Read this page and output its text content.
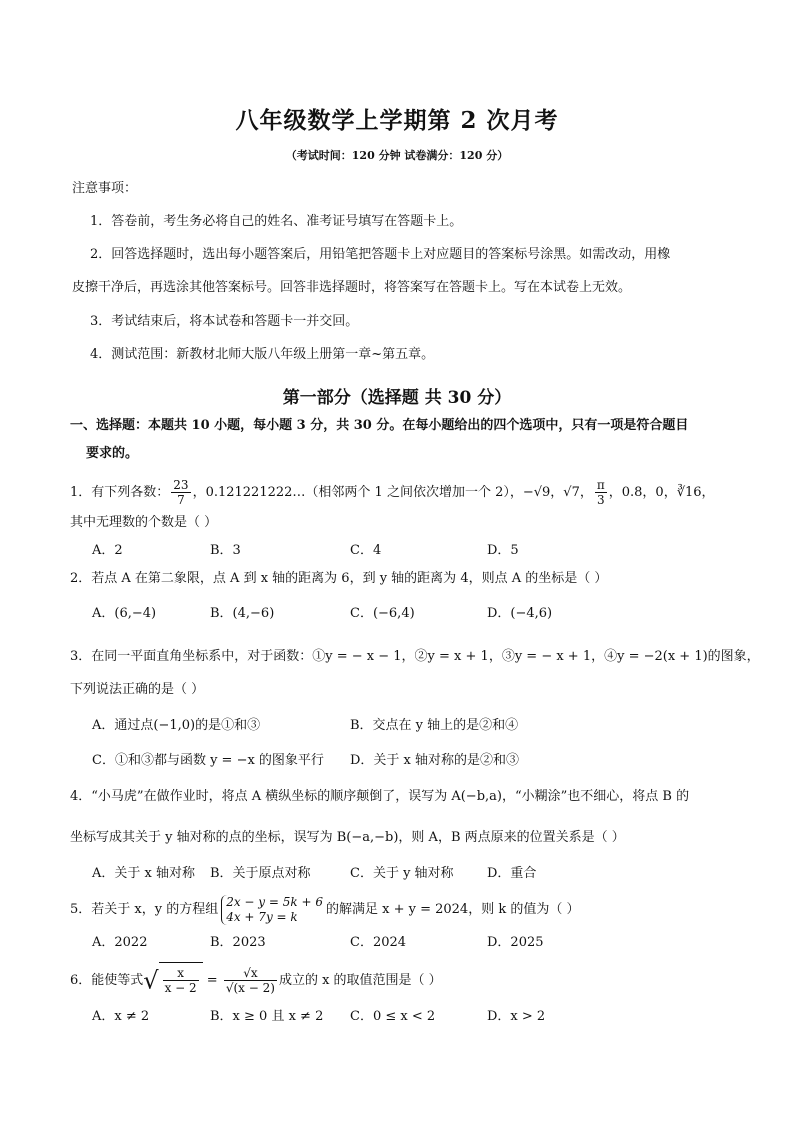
八年级数学上学期第 2 次月考
（考试时间：120 分钟 试卷满分：120 分）
注意事项：
1．答卷前，考生务必将自己的姓名、准考证号填写在答题卡上。
2．回答选择题时，选出每小题答案后，用铅笔把答题卡上对应题目的答案标号涂黑。如需改动，用橡
皮擦干净后，再选涂其他答案标号。回答非选择题时，将答案写在答题卡上。写在本试卷上无效。
3．考试结束后，将本试卷和答题卡一并交回。
4．测试范围：新教材北师大版八年级上册第一章~第五章。
第一部分（选择题 共 30 分）
一、选择题：本题共 10 小题，每小题 3 分，共 30 分。在每小题给出的四个选项中，只有一项是符合题目
要求的。
1．有下列各数： $\frac{23}{7}$ ，0.121221222…（相邻两个 1 之间依次增加一个 2），−√9，√7， $\frac{\pi}{3}$ ，0.8，0，∛16，
其中无理数的个数是（ ）
A．2	B．3	C．4	D．5
2．若点 A 在第二象限，点 A 到 x 轴的距离为 6，到 y 轴的距离为 4，则点 A 的坐标是（ ）
A．(6,−4)	B．(4,−6)	C．(−6,4)	D．(−4,6)
3．在同一平面直角坐标系中，对于函数：①y = − x − 1，②y = x + 1，③y = − x + 1，④y = −2(x + 1)的图象，
下列说法正确的是（ ）
A．通过点(−1,0)的是①和③	B．交点在 y 轴上的是②和④
C．①和③都与函数 y = −x 的图象平行 D．关于 x 轴对称的是②和③
4．“小马虎”在做作业时，将点 A 横纵坐标的顺序颠倒了，误写为 A(−b,a)，“小糊涂”也不细心，将点 B 的
坐标写成其关于 y 轴对称的点的坐标，误写为 B(−a,−b)，则 A，B 两点原来的位置关系是（ ）
A．关于 x 轴对称 B．关于原点对称	C．关于 y 轴对称	D．重合
5．若关于 x，y 的方程组
2x − y = 5k + 6
4x + 7y = k	的解满足 x + y = 2024，则 k 的值为（ ）
A．2022	B．2023	C．2024	D．2025
6．能使等式√ $\frac{x}{x - 2} = \frac{√x}{√(x - 2)}$ 成立的 x 的取值范围是（ ）
A．x ≠ 2	B．x ≥ 0 且 x ≠ 2 C．0 ≤ x < 2	D．x > 2
